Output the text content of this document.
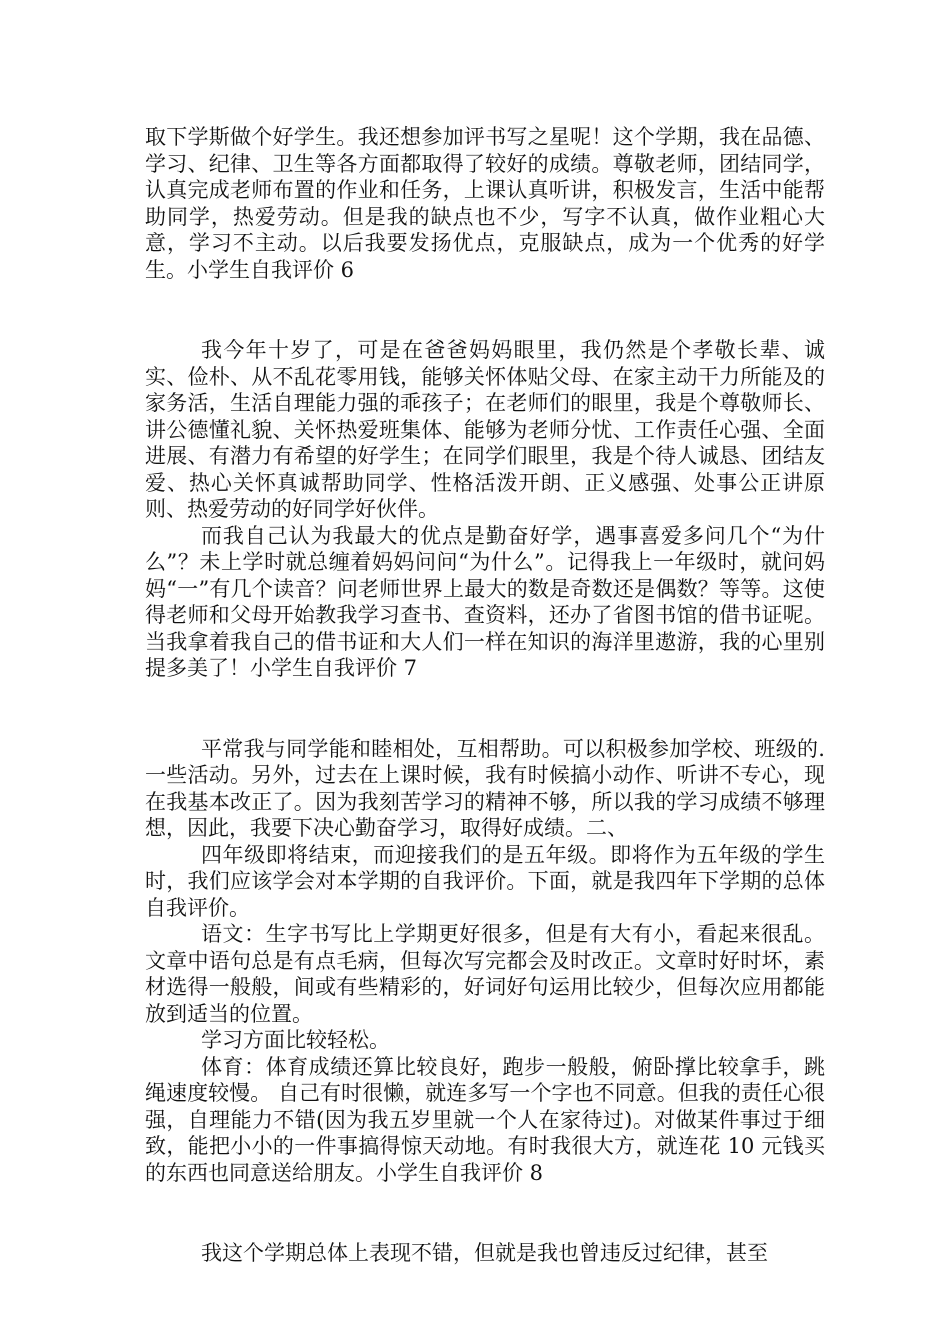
取下学斯做个好学生。我还想参加评书写之星呢！这个学期，我在品德、学习、纪律、卫生等各方面都取得了较好的成绩。尊敬老师，团结同学，认真完成老师布置的作业和任务，上课认真听讲，积极发言，生活中能帮助同学，热爱劳动。但是我的缺点也不少，写字不认真，做作业粗心大意，学习不主动。以后我要发扬优点，克服缺点，成为一个优秀的好学生。小学生自我评价 6

我今年十岁了，可是在爸爸妈妈眼里，我仍然是个孝敬长辈、诚实、俭朴、从不乱花零用钱，能够关怀体贴父母、在家主动干力所能及的家务活，生活自理能力强的乖孩子；在老师们的眼里，我是个尊敬师长、讲公德懂礼貌、关怀热爱班集体、能够为老师分忧、工作责任心强、全面进展、有潜力有希望的好学生；在同学们眼里，我是个待人诚恳、团结友爱、热心关怀真诚帮助同学、性格活泼开朗、正义感强、处事公正讲原则、热爱劳动的好同学好伙伴。

而我自己认为我最大的优点是勤奋好学，遇事喜爱多问几个“为什么”？未上学时就总缠着妈妈问问“为什么”。记得我上一年级时，就问妈妈“一”有几个读音？问老师世界上最大的数是奇数还是偶数？等等。这使得老师和父母开始教我学习查书、查资料，还办了省图书馆的借书证呢。当我拿着我自己的借书证和大人们一样在知识的海洋里遨游，我的心里别提多美了！小学生自我评价 7

平常我与同学能和睦相处，互相帮助。可以积极参加学校、班级的.一些活动。另外，过去在上课时候，我有时候搞小动作、听讲不专心，现在我基本改正了。因为我刻苦学习的精神不够，所以我的学习成绩不够理想，因此，我要下决心勤奋学习，取得好成绩。二、

四年级即将结束，而迎接我们的是五年级。即将作为五年级的学生时，我们应该学会对本学期的自我评价。下面，就是我四年下学期的总体自我评价。

语文：生字书写比上学期更好很多，但是有大有小，看起来很乱。文章中语句总是有点毛病，但每次写完都会及时改正。文章时好时坏，素材选得一般般，间或有些精彩的，好词好句运用比较少，但每次应用都能放到适当的位置。

学习方面比较轻松。

体育：体育成绩还算比较良好，跑步一般般，俯卧撑比较拿手，跳绳速度较慢。 自己有时很懒，就连多写一个字也不同意。但我的责任心很强，自理能力不错(因为我五岁里就一个人在家待过)。对做某件事过于细致，能把小小的一件事搞得惊天动地。有时我很大方，就连花 10 元钱买的东西也同意送给朋友。小学生自我评价 8

我这个学期总体上表现不错，但就是我也曾违反过纪律，甚至
